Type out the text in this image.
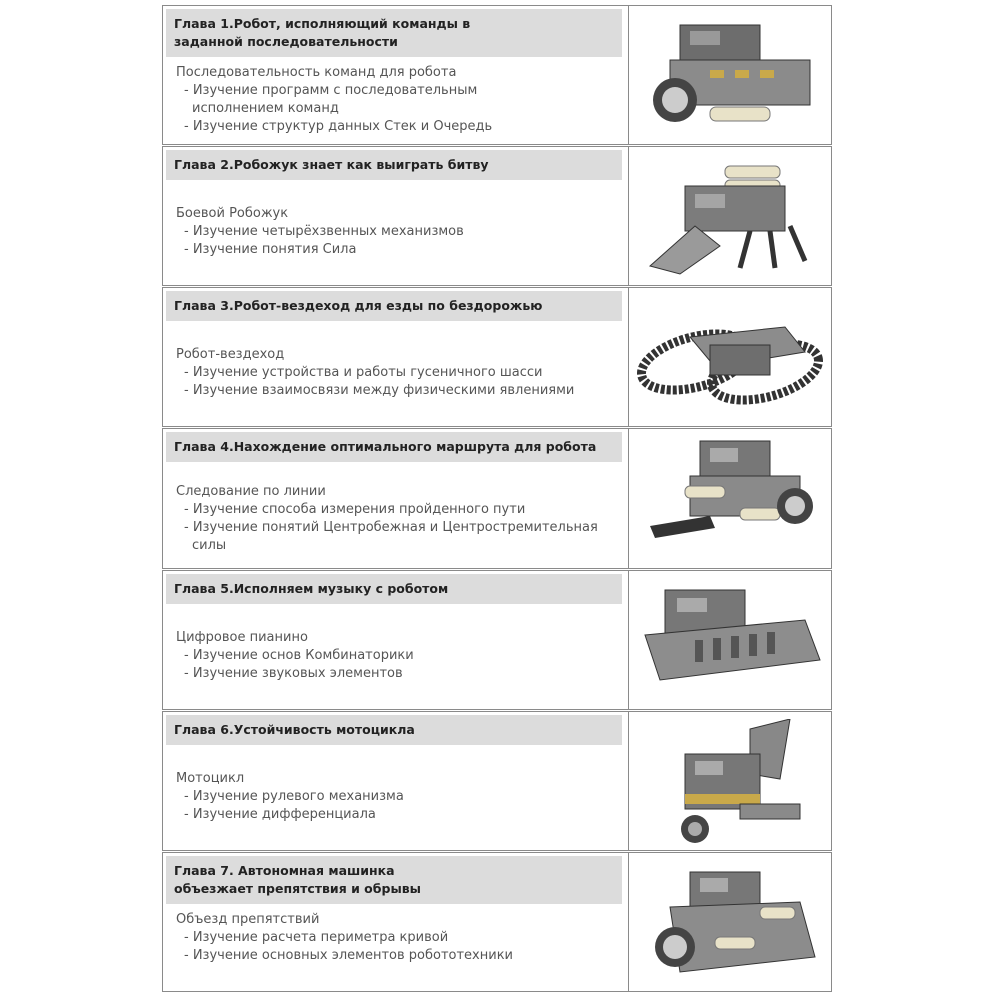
Глава 1.Робот, исполняющий команды в
заданной последовательности
Последовательность команд для робота
- Изучение программ с последовательным
исполнением команд
- Изучение структур данных Стек и Очередь
Глава 2.Робожук знает как выиграть битву
Боевой Робожук
- Изучение четырёхзвенных механизмов
- Изучение понятия Сила
Глава 3.Робот-вездеход для езды по бездорожью
Робот-вездеход
- Изучение устройства и работы гусеничного шасси
- Изучение взаимосвязи между физическими явлениями
Глава 4.Нахождение оптимального маршрута для робота
Следование по линии
- Изучение способа измерения пройденного пути
- Изучение понятий Центробежная и Центростремительная
силы
Глава 5.Исполняем музыку с роботом
Цифровое пианино
- Изучение основ Комбинаторики
- Изучение звуковых элементов
Глава 6.Устойчивость мотоцикла
Мотоцикл
- Изучение рулевого механизма
- Изучение дифференциала
Глава 7. Автономная машинка
объезжает препятствия и обрывы
Объезд препятствий
- Изучение расчета периметра кривой
- Изучение основных элементов робототехники
